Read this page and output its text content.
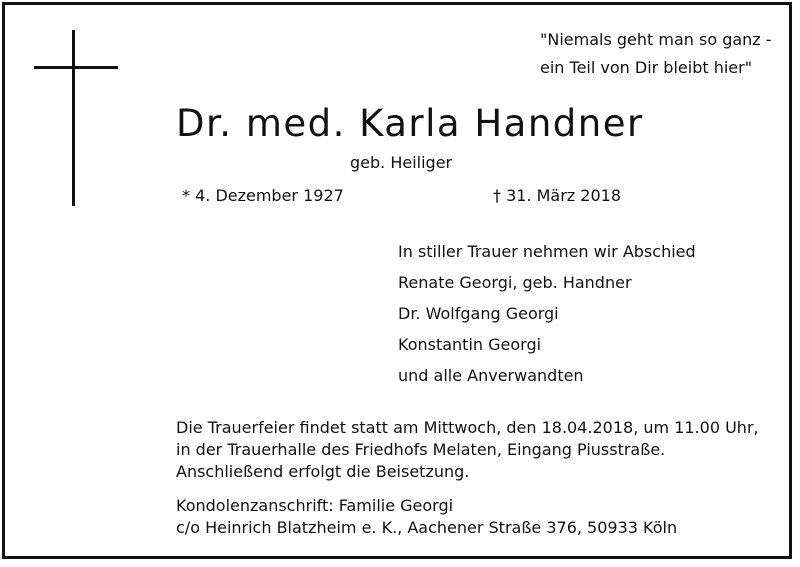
"Niemals geht man so ganz -
ein Teil von Dir bleibt hier"
Dr. med. Karla Handner
geb. Heiliger
* 4. Dezember 1927	† 31. März 2018
In stiller Trauer nehmen wir Abschied
Renate Georgi, geb. Handner
Dr. Wolfgang Georgi
Konstantin Georgi
und alle Anverwandten
Die Trauerfeier findet statt am Mittwoch, den 18.04.2018, um 11.00 Uhr,
in der Trauerhalle des Friedhofs Melaten, Eingang Piusstraße.
Anschließend erfolgt die Beisetzung.
Kondolenzanschrift: Familie Georgi
c/o Heinrich Blatzheim e. K., Aachener Straße 376, 50933 Köln
